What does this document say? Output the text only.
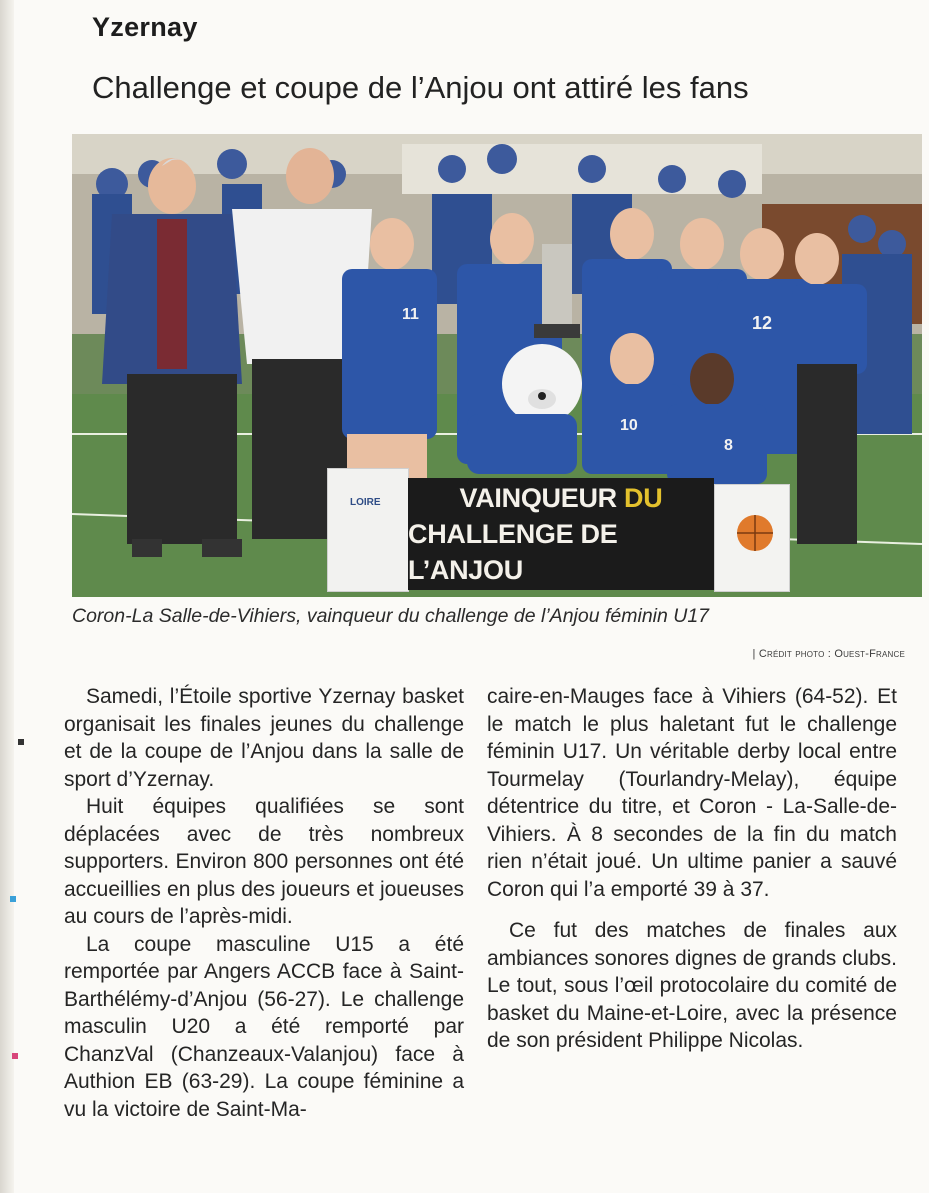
Yzernay
Challenge et coupe de l’Anjou ont attiré les fans
11	12
10
8
LOIRE	VAINQUEUR DU
CHALLENGE DE L’ANJOU
Coron-La Salle-de-Vihiers, vainqueur du challenge de l’Anjou féminin U17
| Crédit photo : Ouest-France

Samedi, l’Étoile sportive Yzernay basket organisait les finales jeunes du challenge et de la coupe de l’Anjou dans la salle de sport d’Yzernay.

Huit équipes qualifiées se sont déplacées avec de très nombreux supporters. Environ 800 personnes ont été accueillies en plus des joueurs et joueuses au cours de l’après-midi.

La coupe masculine U15 a été remportée par Angers ACCB face à Saint-Barthélémy-d’Anjou (56-27). Le challenge masculin U20 a été remporté par ChanzVal (Chanzeaux-Valanjou) face à Authion EB (63-29). La coupe féminine a vu la victoire de Saint-Ma-

caire-en-Mauges face à Vihiers (64-52). Et le match le plus haletant fut le challenge féminin U17. Un véritable derby local entre Tourmelay (Tourlandry-Melay), équipe détentrice du titre, et Coron - La-Salle-de-Vihiers. À 8 secondes de la fin du match rien n’était joué. Un ultime panier a sauvé Coron qui l’a emporté 39 à 37.

Ce fut des matches de finales aux ambiances sonores dignes de grands clubs. Le tout, sous l’œil protocolaire du comité de basket du Maine-et-Loire, avec la présence de son président Philippe Nicolas.
